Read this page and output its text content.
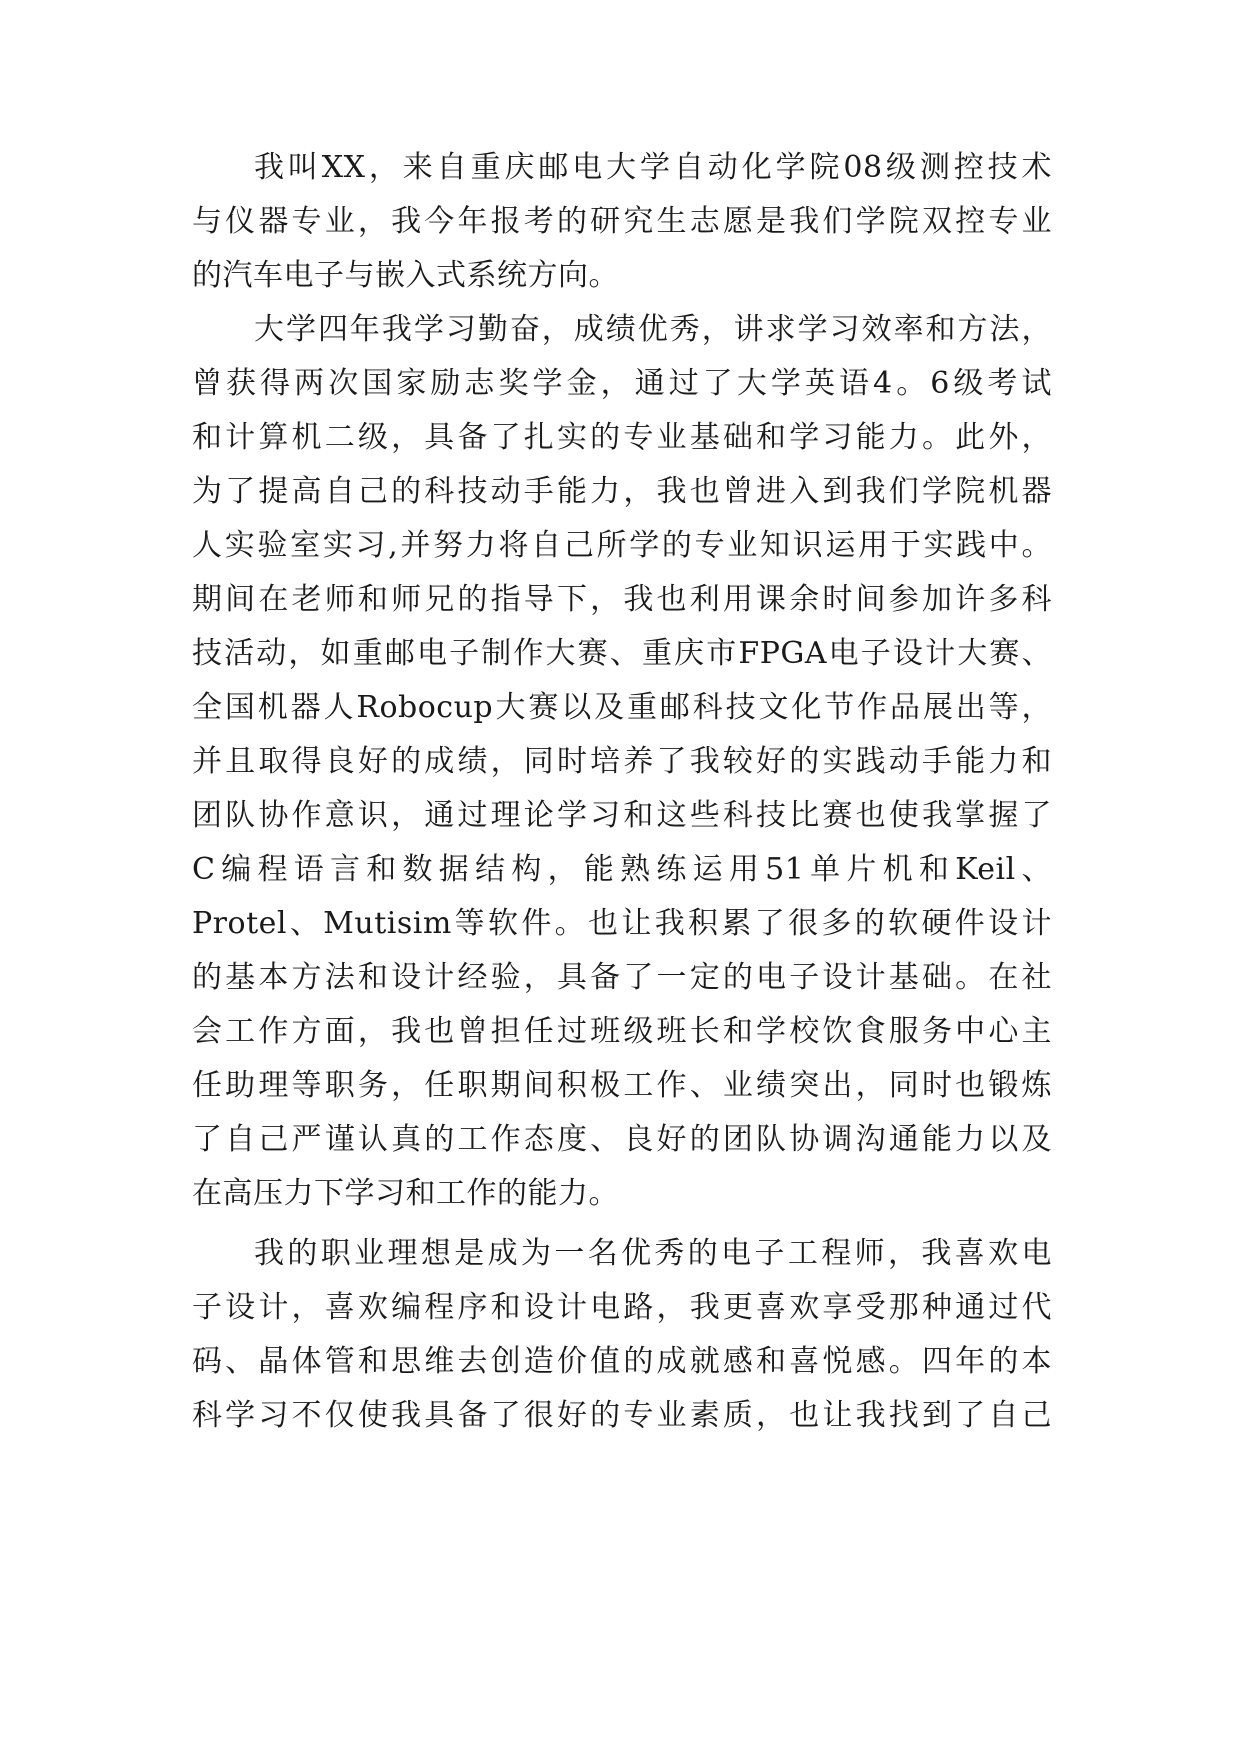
我叫XX，来自重庆邮电大学自动化学院08级测控技术
与仪器专业，我今年报考的研究生志愿是我们学院双控专业
的汽车电子与嵌入式系统方向。
大学四年我学习勤奋，成绩优秀，讲求学习效率和方法，
曾获得两次国家励志奖学金，通过了大学英语4。6级考试
和计算机二级，具备了扎实的专业基础和学习能力。此外，
为了提高自己的科技动手能力，我也曾进入到我们学院机器
人实验室实习,并努力将自己所学的专业知识运用于实践中。
期间在老师和师兄的指导下，我也利用课余时间参加许多科
技活动，如重邮电子制作大赛、重庆市FPGA电子设计大赛、
全国机器人Robocup大赛以及重邮科技文化节作品展出等，
并且取得良好的成绩，同时培养了我较好的实践动手能力和
团队协作意识，通过理论学习和这些科技比赛也使我掌握了
C编程语言和数据结构，能熟练运用51单片机和Keil、
Protel、Mutisim等软件。也让我积累了很多的软硬件设计
的基本方法和设计经验，具备了一定的电子设计基础。在社
会工作方面，我也曾担任过班级班长和学校饮食服务中心主
任助理等职务，任职期间积极工作、业绩突出，同时也锻炼
了自己严谨认真的工作态度、良好的团队协调沟通能力以及
在高压力下学习和工作的能力。
我的职业理想是成为一名优秀的电子工程师，我喜欢电
子设计，喜欢编程序和设计电路，我更喜欢享受那种通过代
码、晶体管和思维去创造价值的成就感和喜悦感。四年的本
科学习不仅使我具备了很好的专业素质，也让我找到了自己
